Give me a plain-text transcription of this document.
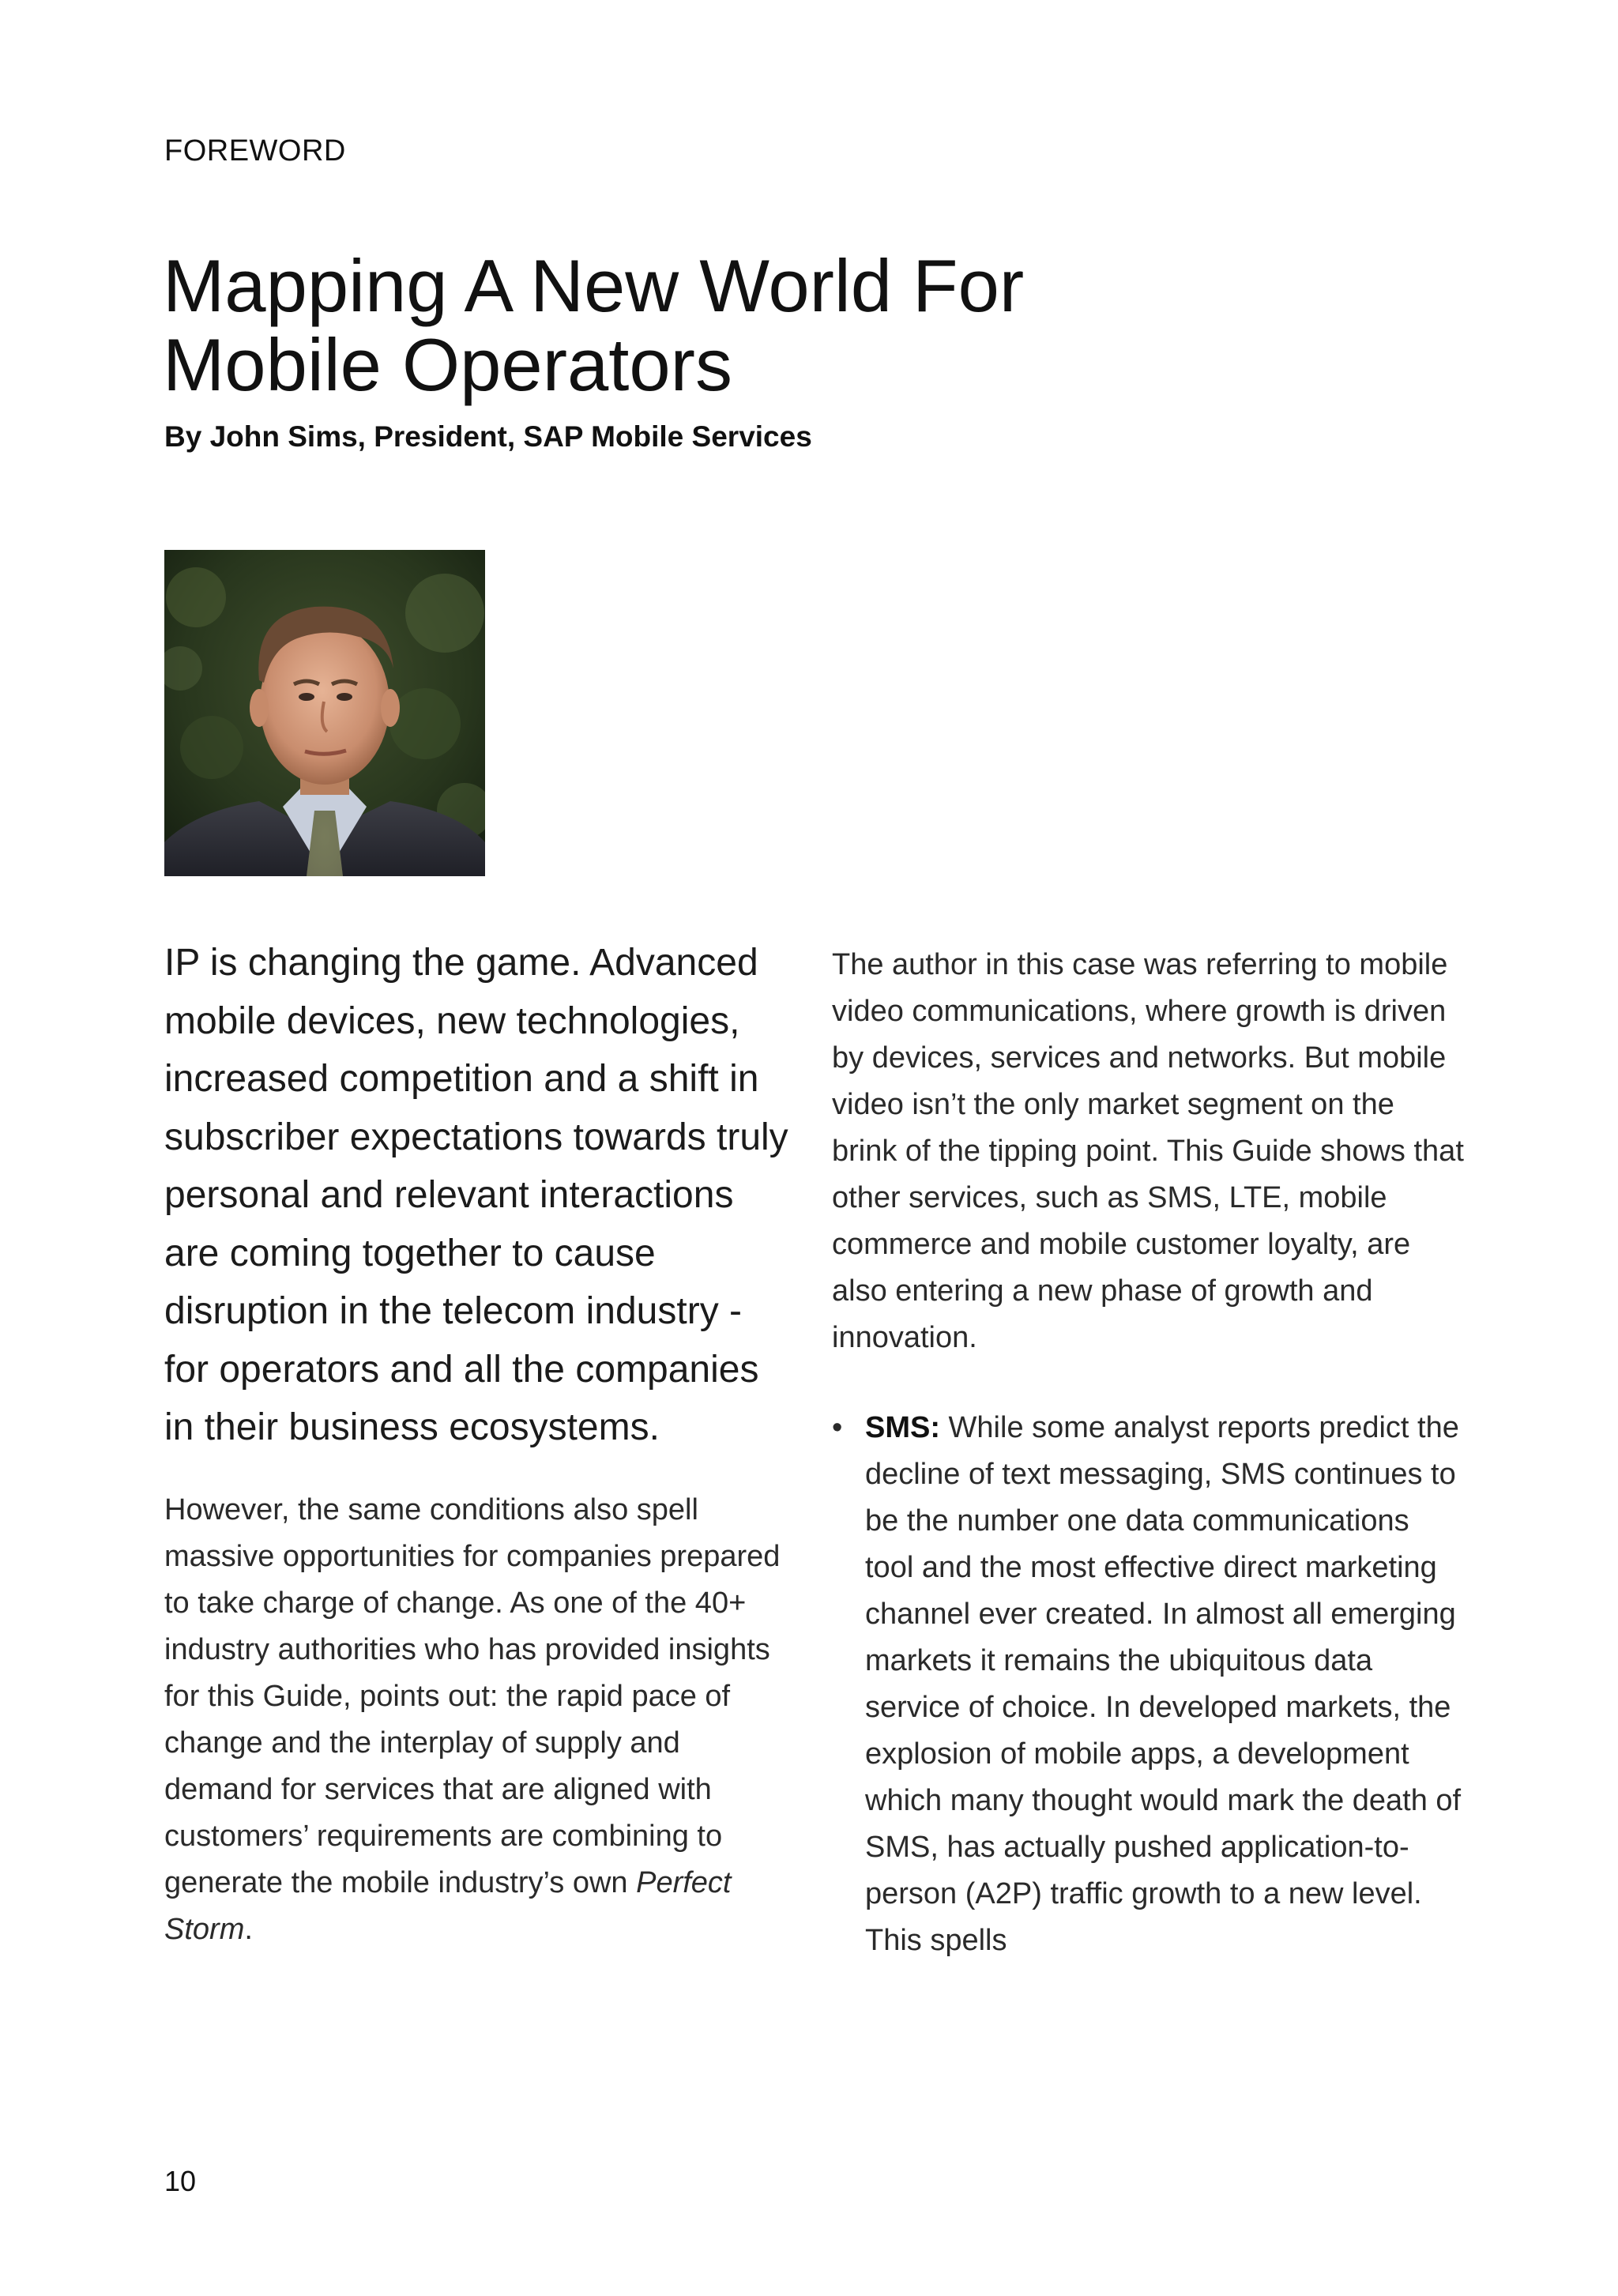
FOREWORD

Mapping A New World For Mobile Operators

By John Sims, President, SAP Mobile Services

IP is changing the game. Advanced mobile devices, new technologies, increased competition and a shift in subscriber expectations towards truly personal and relevant interactions are coming together to cause disruption in the telecom industry - for operators and all the companies in their business ecosystems.

However, the same conditions also spell massive opportunities for companies prepared to take charge of change. As one of the 40+ industry authorities who has provided insights for this Guide, points out: the rapid pace of change and the interplay of supply and demand for services that are aligned with customers’ requirements are combining to generate the mobile industry’s own Perfect Storm.

The author in this case was referring to mobile video communications, where growth is driven by devices, services and networks. But mobile video isn’t the only market segment on the brink of the tipping point. This Guide shows that other services, such as SMS, LTE, mobile commerce and mobile customer loyalty, are also entering a new phase of growth and innovation.

• SMS: While some analyst reports predict the decline of text messaging, SMS continues to be the number one data communications tool and the most effective direct marketing channel ever created. In almost all emerging markets it remains the ubiquitous data service of choice. In developed markets, the explosion of mobile apps, a development which many thought would mark the death of SMS, has actually pushed application-to-person (A2P) traffic growth to a new level. This spells

10
